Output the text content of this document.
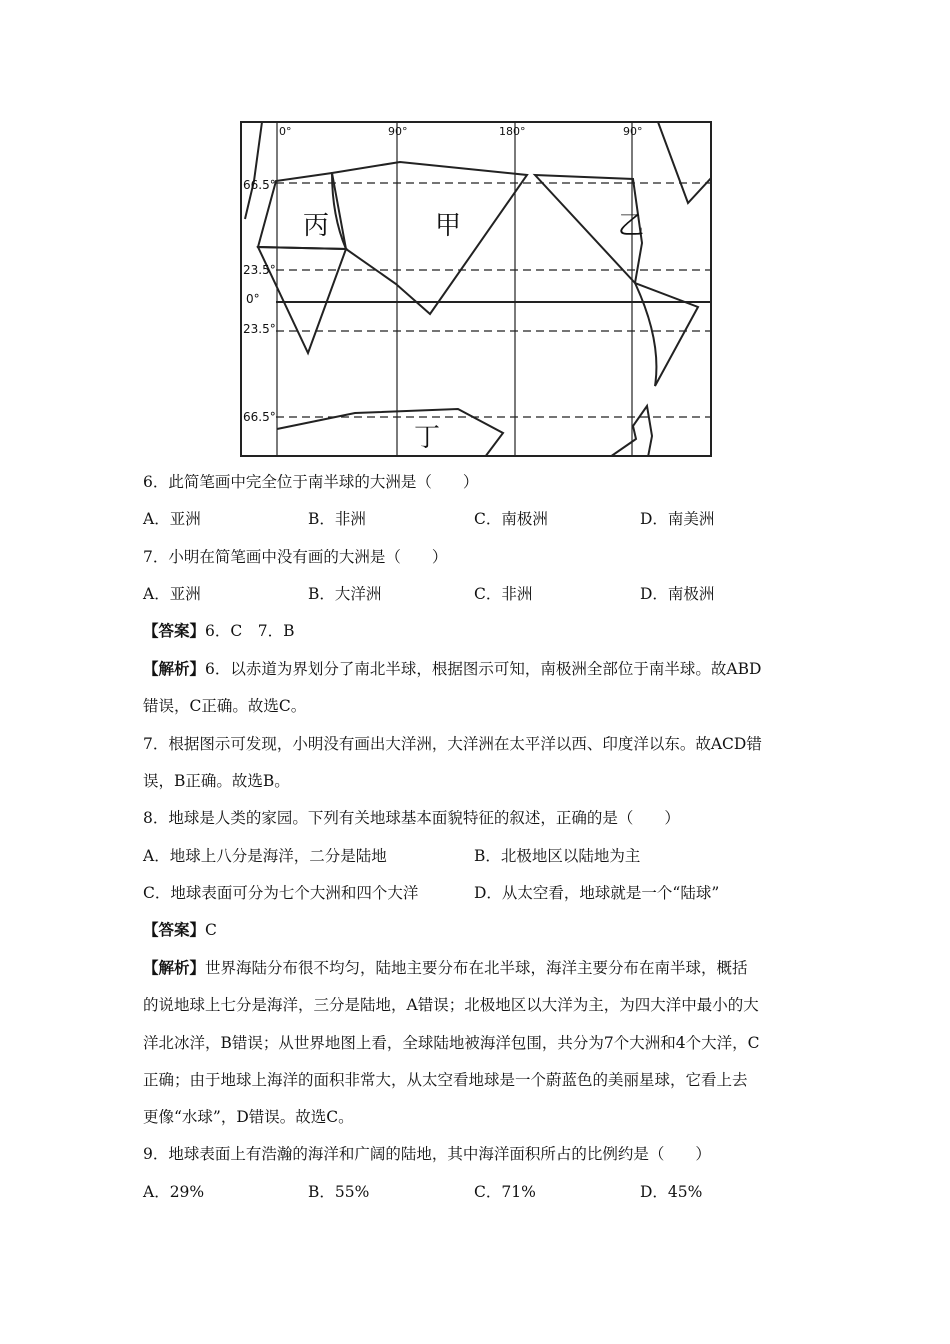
0°	90°	180°	90°
66.5°
23.5°
0°
23.5°
66.5°
丙	甲	乙
丁
6．此简笔画中完全位于南半球的大洲是（　　）
A．亚洲	B．非洲	C．南极洲	D．南美洲
7．小明在简笔画中没有画的大洲是（　　）
A．亚洲	B．大洋洲	C．非洲	D．南极洲
【答案】6．C　7．B
【解析】6．以赤道为界划分了南北半球，根据图示可知，南极洲全部位于南半球。故ABD
错误，C正确。故选C。
7．根据图示可发现，小明没有画出大洋洲，大洋洲在太平洋以西、印度洋以东。故ACD错
误，B正确。故选B。
8．地球是人类的家园。下列有关地球基本面貌特征的叙述，正确的是（　　）
A．地球上八分是海洋，二分是陆地	B．北极地区以陆地为主
C．地球表面可分为七个大洲和四个大洋	D．从太空看，地球就是一个“陆球”
【答案】C
【解析】世界海陆分布很不均匀，陆地主要分布在北半球，海洋主要分布在南半球，概括
的说地球上七分是海洋，三分是陆地，A错误；北极地区以大洋为主，为四大洋中最小的大
洋北冰洋，B错误；从世界地图上看，全球陆地被海洋包围，共分为7个大洲和4个大洋，C
正确；由于地球上海洋的面积非常大，从太空看地球是一个蔚蓝色的美丽星球，它看上去
更像“水球”，D错误。故选C。
9．地球表面上有浩瀚的海洋和广阔的陆地，其中海洋面积所占的比例约是（　　）
A．29%	B．55%	C．71%	D．45%
